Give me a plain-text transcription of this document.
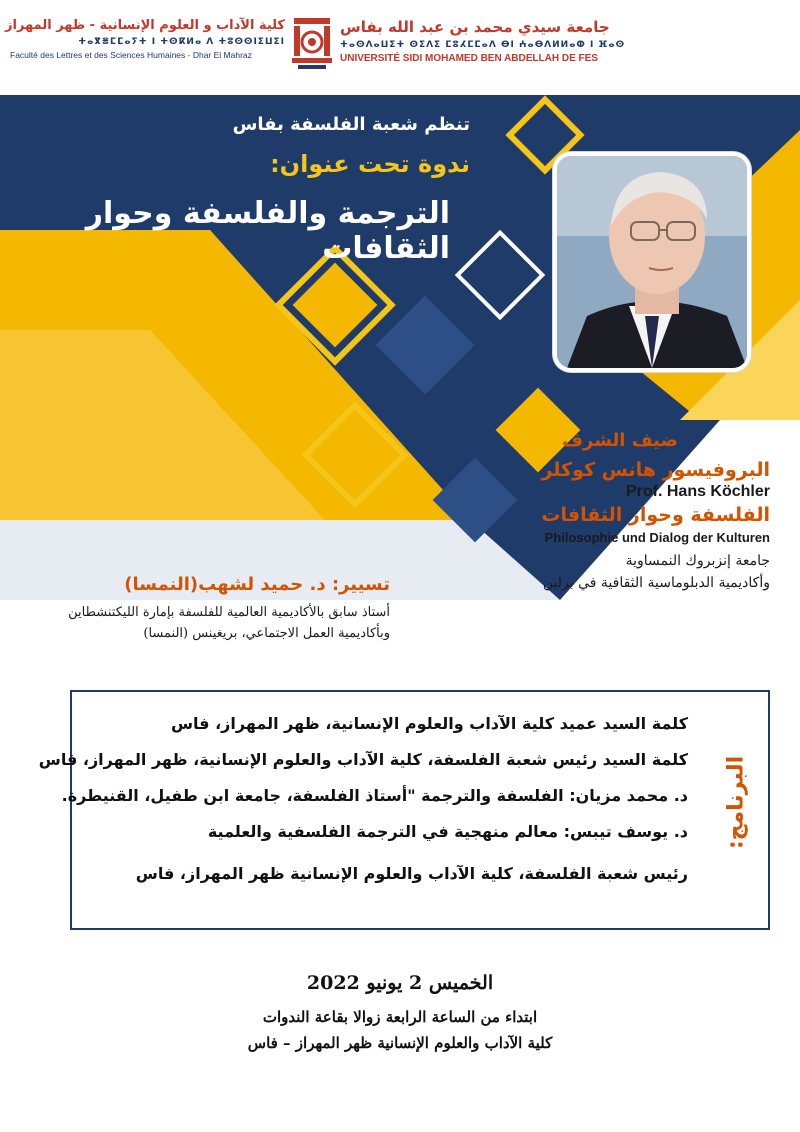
كلية الآداب و العلوم الإنسانية - ظهر المهراز
ⵜⴰⴳⴻⵎⵎⴰⵢⵜ ⵏ ⵜⵙⴽⵍⴰ ⴷ ⵜⵓⵙⵙⵏⵉⵡⵉⵏ
Faculté des Lettres et des Sciences Humaines - Dhar El Mahraz
جامعة سيدي محمد بن عبد الله بفاس
ⵜⴰⵙⴷⴰⵡⵉⵜ ⵙⵉⴷⵉ ⵎⵓⵃⵎⵎⴰⴷ ⴱⵏ ⵄⴰⴱⴷⵍⵍⴰⵀ ⵏ ⴼⴰⵙ
UNIVERSITÉ SIDI MOHAMED BEN ABDELLAH DE FES
تنظم شعبة الفلسفة بفاس
ندوة تحت عنوان:
الترجمة والفلسفة وحوار الثقافات
ضيف الشرف
البروفيسور هانس كوكلر
Prof. Hans Köchler
الفلسفة وحوار الثقافات
Philosophie und Dialog der Kulturen
جامعة إنزبروك النمساوية
وأكاديمية الدبلوماسية الثقافية في برلين
تسيير: د. حميد لشهب(النمسا)
أستاذ سابق بالأكاديمية العالمية للفلسفة بإمارة الليكتنشطاين
وبأكاديمية العمل الاجتماعي، بريغينس (النمسا)
البرنامج:
كلمة السيد عميد كلية الآداب والعلوم الإنسانية، ظهر المهراز، فاس
كلمة السيد رئيس شعبة الفلسفة، كلية الآداب والعلوم الإنسانية، ظهر المهراز، فاس
د. محمد مزيان: الفلسفة والترجمة "أستاذ الفلسفة، جامعة ابن طفيل، القنيطرة.
د. يوسف تيبس: معالم منهجية في الترجمة الفلسفية والعلمية
رئيس شعبة الفلسفة، كلية الآداب والعلوم الإنسانية ظهر المهراز، فاس
الخميس 2 يونيو 2022
ابتداء من الساعة الرابعة زوالا بقاعة الندوات
كلية الآداب والعلوم الإنسانية ظهر المهراز – فاس
